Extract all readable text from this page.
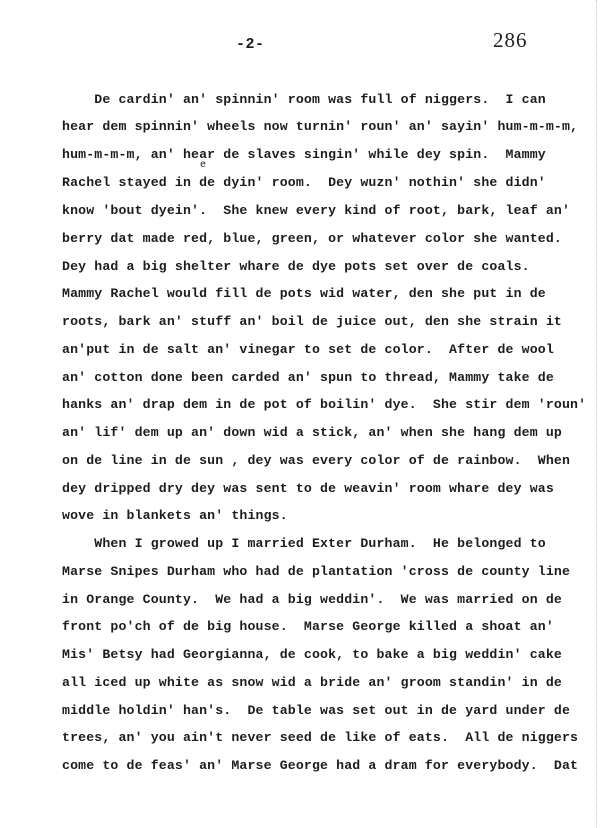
-2-	286
De cardin' an' spinnin' room was full of niggers.  I can
hear dem spinnin' wheels now turnin' roun' an' sayin' hum-m-m-m,
hum-m-m-m, an' hear de slaves singin' while dey spin.  Mammy
e
Rachel stayed in de dyin' room.  Dey wuzn' nothin' she didn'
know 'bout dyein'.  She knew every kind of root, bark, leaf an'
berry dat made red, blue, green, or whatever color she wanted.
Dey had a big shelter whare de dye pots set over de coals.
Mammy Rachel would fill de pots wid water, den she put in de
roots, bark an' stuff an' boil de juice out, den she strain it
an'put in de salt an' vinegar to set de color.  After de wool
an' cotton done been carded an' spun to thread, Mammy take de
hanks an' drap dem in de pot of boilin' dye.  She stir dem 'roun'
an' lif' dem up an' down wid a stick, an' when she hang dem up
on de line in de sun , dey was every color of de rainbow.  When
dey dripped dry dey was sent to de weavin' room whare dey was
wove in blankets an' things.
When I growed up I married Exter Durham.  He belonged to
Marse Snipes Durham who had de plantation 'cross de county line
in Orange County.  We had a big weddin'.  We was married on de
front po'ch of de big house.  Marse George killed a shoat an'
Mis' Betsy had Georgianna, de cook, to bake a big weddin' cake
all iced up white as snow wid a bride an' groom standin' in de
middle holdin' han's.  De table was set out in de yard under de
trees, an' you ain't never seed de like of eats.  All de niggers
come to de feas' an' Marse George had a dram for everybody.  Dat
